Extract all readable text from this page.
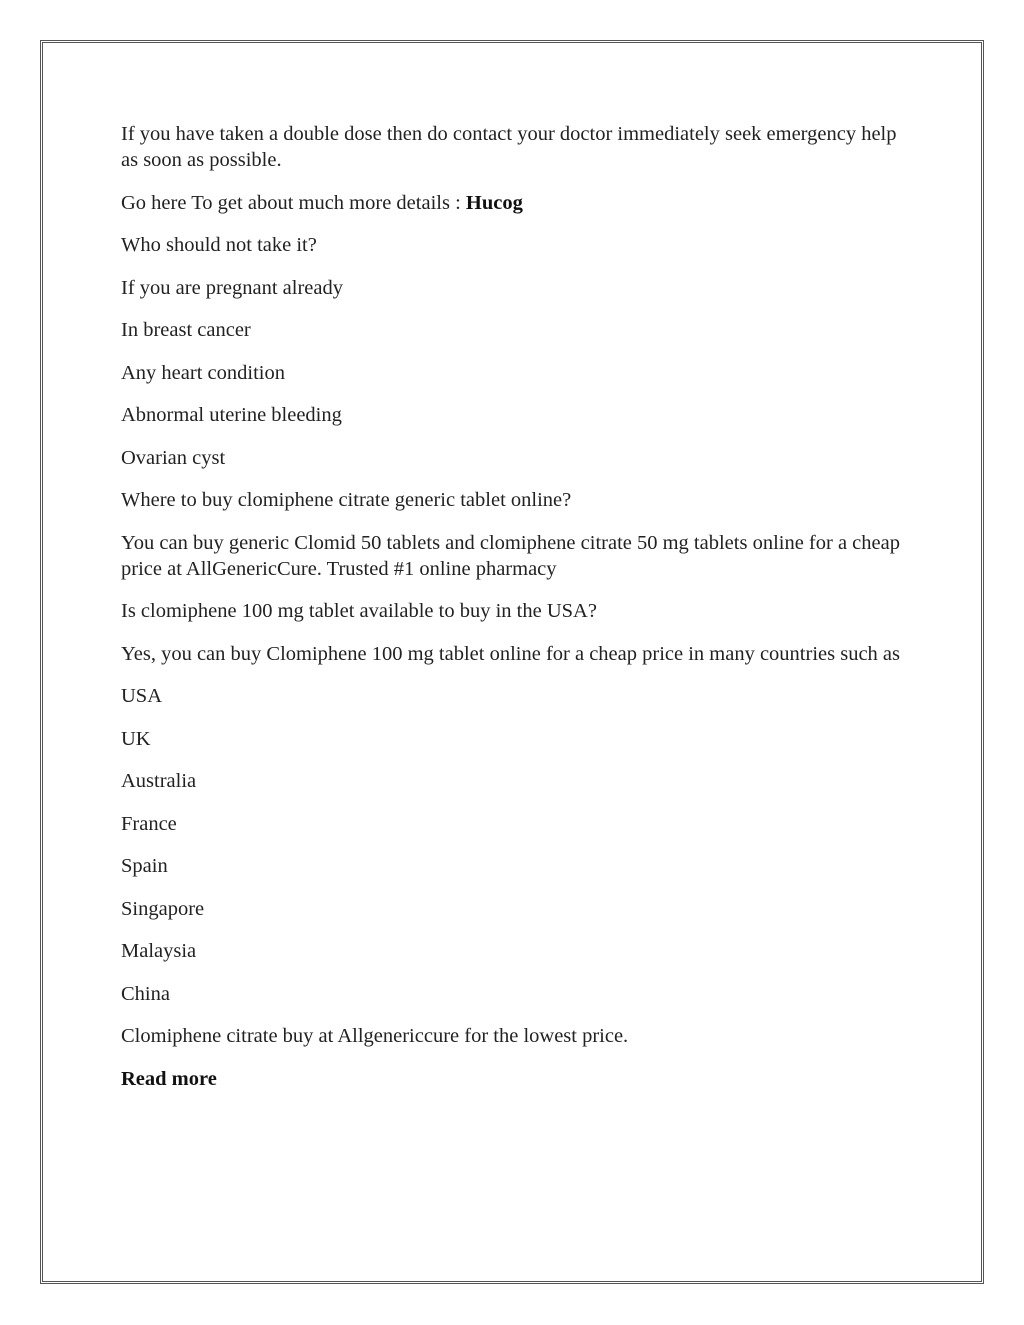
If you have taken a double dose then do contact your doctor immediately seek emergency help as soon as possible.

Go here To get about much more details : Hucog

Who should not take it?

If you are pregnant already

In breast cancer

Any heart condition

Abnormal uterine bleeding

Ovarian cyst

Where to buy clomiphene citrate generic tablet online?

You can buy generic Clomid 50 tablets and clomiphene citrate 50 mg tablets online for a cheap price at AllGenericCure. Trusted #1 online pharmacy

Is clomiphene 100 mg tablet available to buy in the USA?

Yes, you can buy Clomiphene 100 mg tablet online for a cheap price in many countries such as

USA

UK

Australia

France

Spain

Singapore

Malaysia

China

Clomiphene citrate buy at Allgenericcure for the lowest price.

Read more
